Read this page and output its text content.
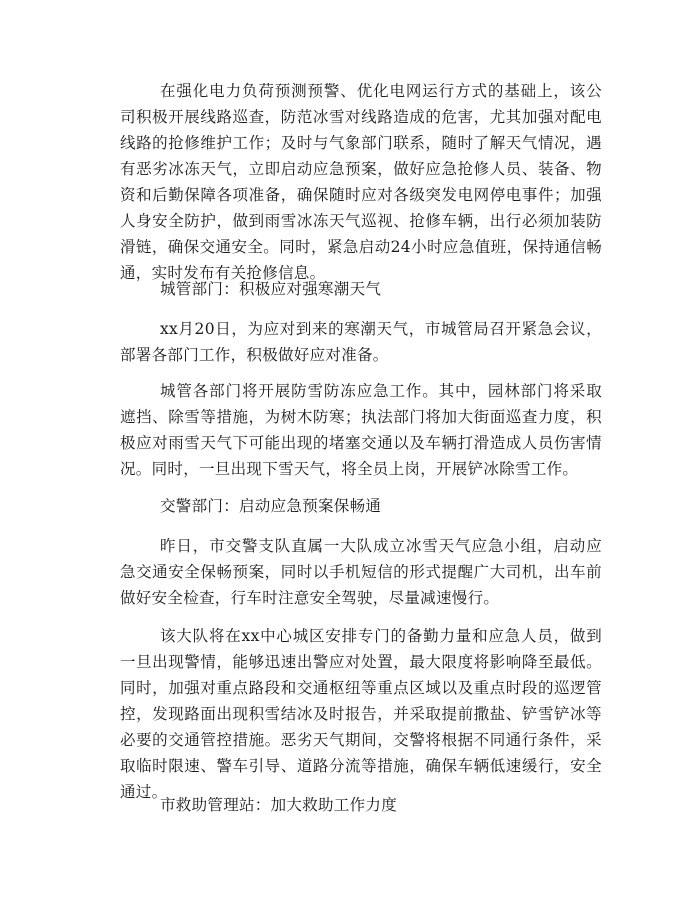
在强化电力负荷预测预警、优化电网运行方式的基础上，该公司积极开展线路巡查，防范冰雪对线路造成的危害，尤其加强对配电线路的抢修维护工作；及时与气象部门联系，随时了解天气情况，遇有恶劣冰冻天气，立即启动应急预案，做好应急抢修人员、装备、物资和后勤保障各项准备，确保随时应对各级突发电网停电事件；加强人身安全防护，做到雨雪冰冻天气巡视、抢修车辆，出行必须加装防滑链，确保交通安全。同时，紧急启动24小时应急值班，保持通信畅通，实时发布有关抢修信息。

城管部门：积极应对强寒潮天气

xx月20日，为应对到来的寒潮天气，市城管局召开紧急会议，部署各部门工作，积极做好应对准备。

城管各部门将开展防雪防冻应急工作。其中，园林部门将采取遮挡、除雪等措施，为树木防寒；执法部门将加大街面巡查力度，积极应对雨雪天气下可能出现的堵塞交通以及车辆打滑造成人员伤害情况。同时，一旦出现下雪天气，将全员上岗，开展铲冰除雪工作。

交警部门：启动应急预案保畅通

昨日，市交警支队直属一大队成立冰雪天气应急小组，启动应急交通安全保畅预案，同时以手机短信的形式提醒广大司机，出车前做好安全检查，行车时注意安全驾驶，尽量减速慢行。

该大队将在xx中心城区安排专门的备勤力量和应急人员，做到一旦出现警情，能够迅速出警应对处置，最大限度将影响降至最低。同时，加强对重点路段和交通枢纽等重点区域以及重点时段的巡逻管控，发现路面出现积雪结冰及时报告，并采取提前撒盐、铲雪铲冰等必要的交通管控措施。恶劣天气期间，交警将根据不同通行条件，采取临时限速、警车引导、道路分流等措施，确保车辆低速缓行，安全通过。

市救助管理站：加大救助工作力度
